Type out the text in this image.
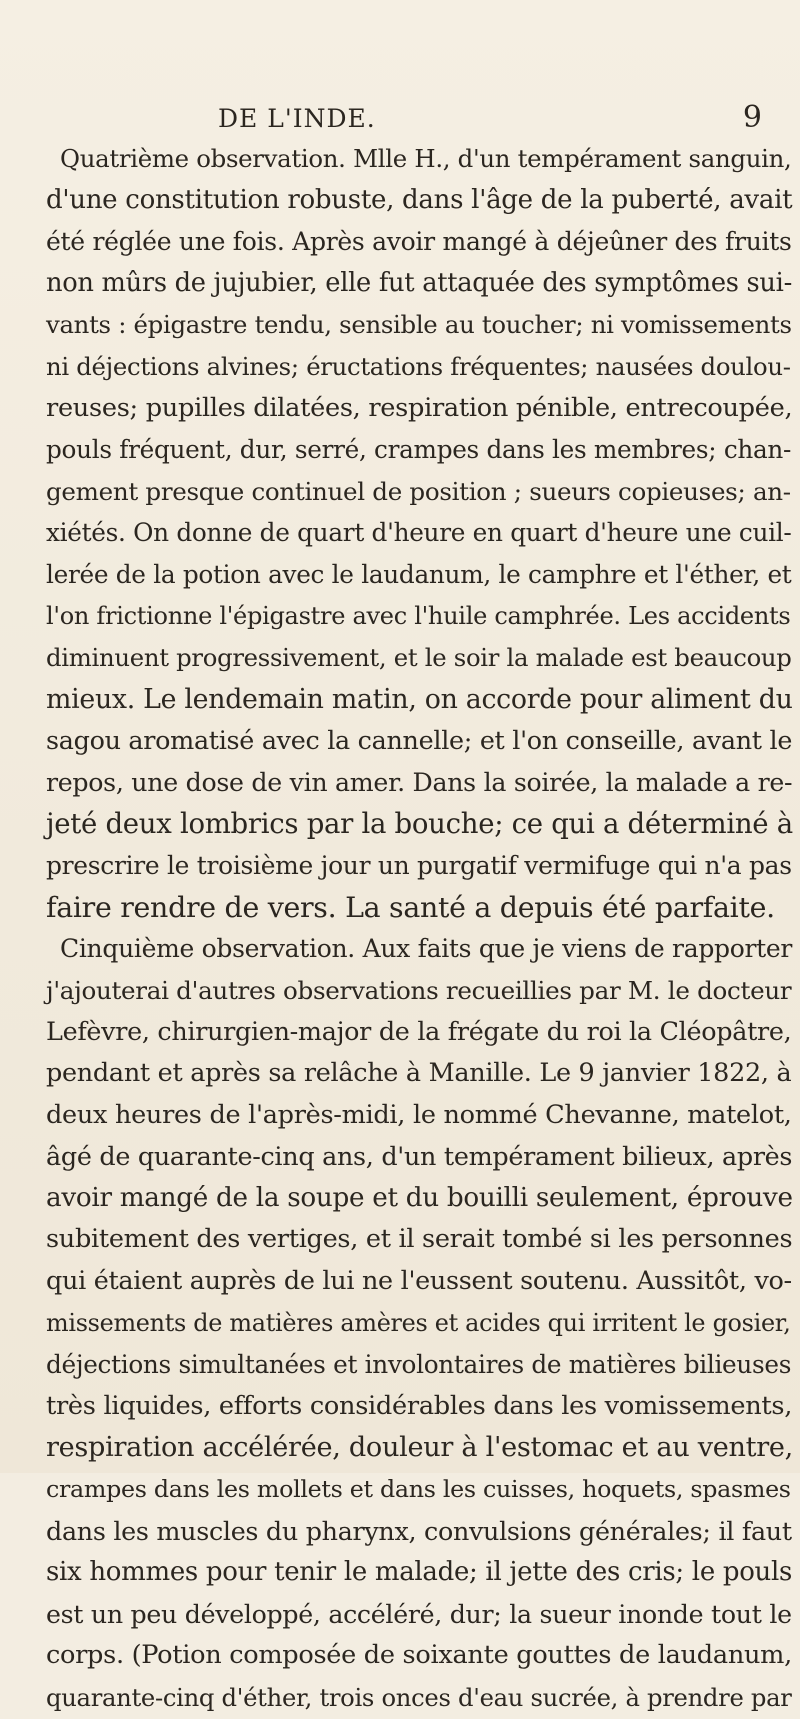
DE L'INDE.	9
Quatrième observation. Mlle H., d'un tempérament sanguin,
d'une constitution robuste, dans l'âge de la puberté, avait
été réglée une fois. Après avoir mangé à déjeûner des fruits
non mûrs de jujubier, elle fut attaquée des symptômes sui-
vants : épigastre tendu, sensible au toucher; ni vomissements
ni déjections alvines; éructations fréquentes; nausées doulou-
reuses; pupilles dilatées, respiration pénible, entrecoupée,
pouls fréquent, dur, serré, crampes dans les membres; chan-
gement presque continuel de position ; sueurs copieuses; an-
xiétés. On donne de quart d'heure en quart d'heure une cuil-
lerée de la potion avec le laudanum, le camphre et l'éther, et
l'on frictionne l'épigastre avec l'huile camphrée. Les accidents
diminuent progressivement, et le soir la malade est beaucoup
mieux. Le lendemain matin, on accorde pour aliment du
sagou aromatisé avec la cannelle; et l'on conseille, avant le
repos, une dose de vin amer. Dans la soirée, la malade a re-
jeté deux lombrics par la bouche; ce qui a déterminé à
prescrire le troisième jour un purgatif vermifuge qui n'a pas
faire rendre de vers. La santé a depuis été parfaite.
Cinquième observation. Aux faits que je viens de rapporter
j'ajouterai d'autres observations recueillies par M. le docteur
Lefèvre, chirurgien-major de la frégate du roi la Cléopâtre,
pendant et après sa relâche à Manille. Le 9 janvier 1822, à
deux heures de l'après-midi, le nommé Chevanne, matelot,
âgé de quarante-cinq ans, d'un tempérament bilieux, après
avoir mangé de la soupe et du bouilli seulement, éprouve
subitement des vertiges, et il serait tombé si les personnes
qui étaient auprès de lui ne l'eussent soutenu. Aussitôt, vo-
missements de matières amères et acides qui irritent le gosier,
déjections simultanées et involontaires de matières bilieuses
très liquides, efforts considérables dans les vomissements,
respiration accélérée, douleur à l'estomac et au ventre,
crampes dans les mollets et dans les cuisses, hoquets, spasmes
dans les muscles du pharynx, convulsions générales; il faut
six hommes pour tenir le malade; il jette des cris; le pouls
est un peu développé, accéléré, dur; la sueur inonde tout le
corps. (Potion composée de soixante gouttes de laudanum,
quarante-cinq d'éther, trois onces d'eau sucrée, à prendre par
